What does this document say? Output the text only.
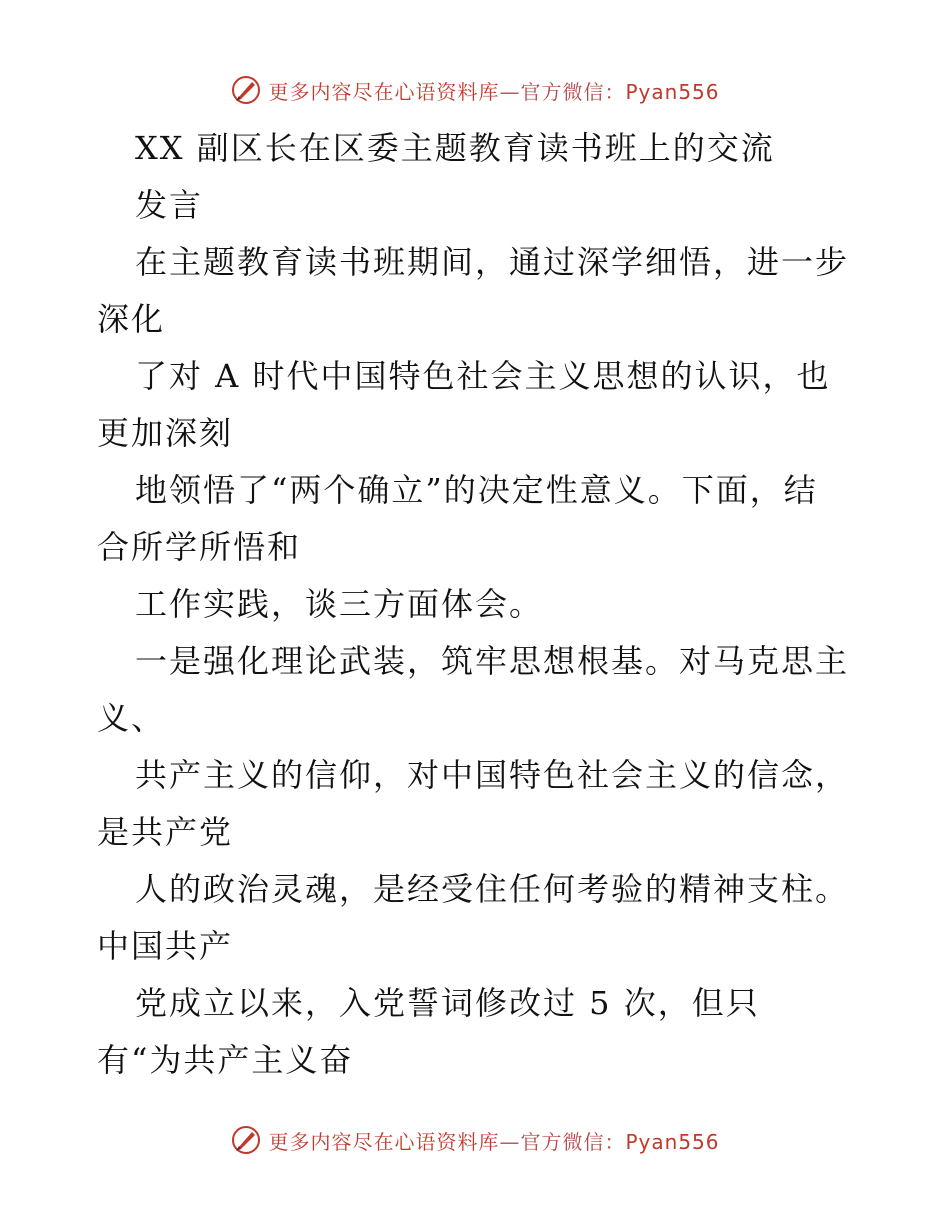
更多内容尽在心语资料库—官方微信：Pyan556
XX 副区长在区委主题教育读书班上的交流
发言
在主题教育读书班期间，通过深学细悟，进一步
深化
了对 A 时代中国特色社会主义思想的认识，也
更加深刻
地领悟了“两个确立”的决定性意义。下面，结
合所学所悟和
工作实践，谈三方面体会。
一是强化理论武装，筑牢思想根基。对马克思主
义、
共产主义的信仰，对中国特色社会主义的信念，
是共产党
人的政治灵魂，是经受住任何考验的精神支柱。
中国共产
党成立以来，入党誓词修改过 5 次，但只
有“为共产主义奋
更多内容尽在心语资料库—官方微信：Pyan556
